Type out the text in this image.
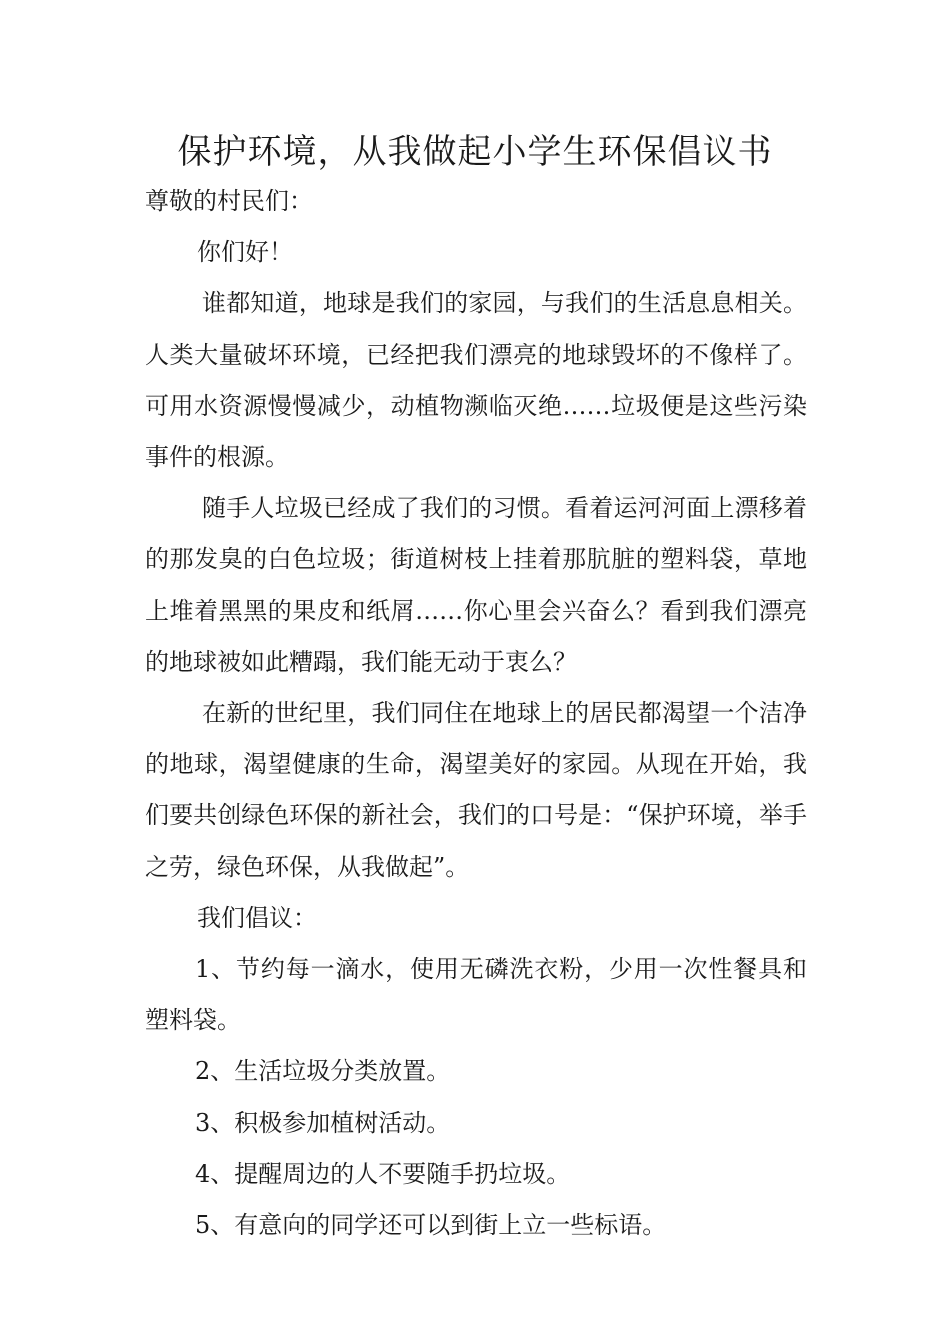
保护环境，从我做起小学生环保倡议书

尊敬的村民们：

你们好！

谁都知道，地球是我们的家园，与我们的生活息息相关。人类大量破坏环境，已经把我们漂亮的地球毁坏的不像样了。可用水资源慢慢减少，动植物濒临灭绝……垃圾便是这些污染事件的根源。

随手人垃圾已经成了我们的习惯。看着运河河面上漂移着的那发臭的白色垃圾；街道树枝上挂着那肮脏的塑料袋，草地上堆着黑黑的果皮和纸屑……你心里会兴奋么？看到我们漂亮的地球被如此糟蹋，我们能无动于衷么？

在新的世纪里，我们同住在地球上的居民都渴望一个洁净的地球，渴望健康的生命，渴望美好的家园。从现在开始，我们要共创绿色环保的新社会，我们的口号是：“保护环境，举手之劳，绿色环保，从我做起”。

我们倡议：

1、节约每一滴水，使用无磷洗衣粉，少用一次性餐具和塑料袋。

2、生活垃圾分类放置。

3、积极参加植树活动。

4、提醒周边的人不要随手扔垃圾。

5、有意向的同学还可以到街上立一些标语。
